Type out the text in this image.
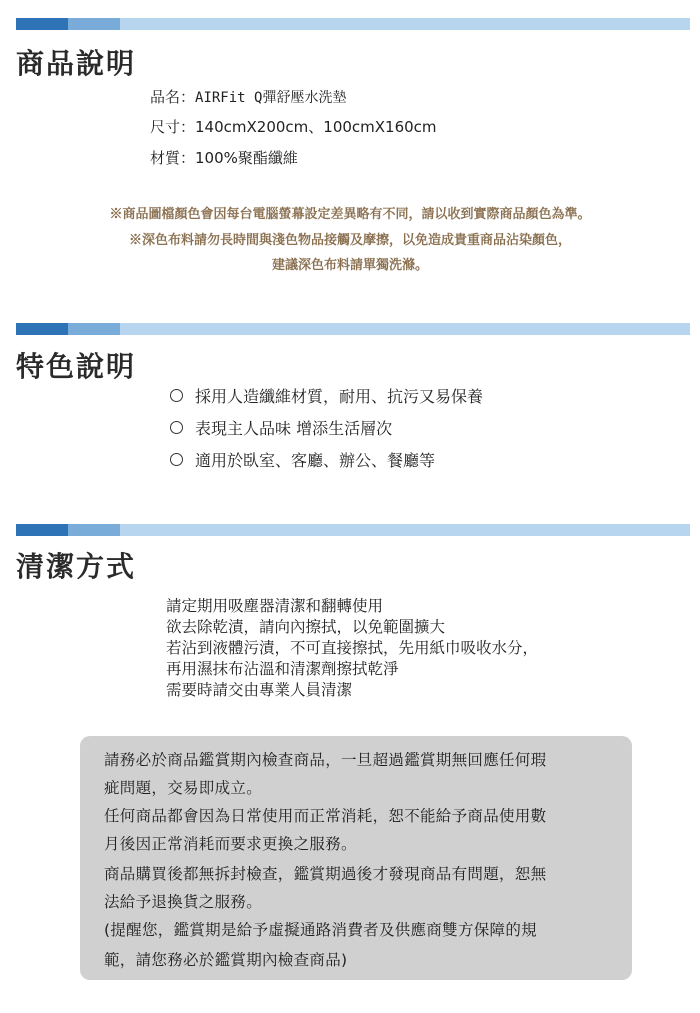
商品說明

品名：AIRFit Q彈舒壓水洗墊

尺寸：140cmX200cm、100cmX160cm

材質：100%聚酯纖維

※商品圖檔顏色會因每台電腦螢幕設定差異略有不同，請以收到實際商品顏色為準。

※深色布料請勿長時間與淺色物品接觸及摩擦，以免造成貴重商品沾染顏色，

建議深色布料請單獨洗滌。

特色說明

採用人造纖維材質，耐用、抗污又易保養

表現主人品味 增添生活層次

適用於臥室、客廳、辦公、餐廳等

清潔方式

請定期用吸塵器清潔和翻轉使用

欲去除乾漬，請向內擦拭，以免範圍擴大

若沾到液體污漬，不可直接擦拭，先用紙巾吸收水分，

再用濕抹布沾溫和清潔劑擦拭乾淨

需要時請交由專業人員清潔

請務必於商品鑑賞期內檢查商品，一旦超過鑑賞期無回應任何瑕

疵問題，交易即成立。

任何商品都會因為日常使用而正常消耗，恕不能給予商品使用數

月後因正常消耗而要求更換之服務。

商品購買後都無拆封檢查，鑑賞期過後才發現商品有問題，恕無

法給予退換貨之服務。

(提醒您，鑑賞期是給予虛擬通路消費者及供應商雙方保障的規

範，請您務必於鑑賞期內檢查商品)
